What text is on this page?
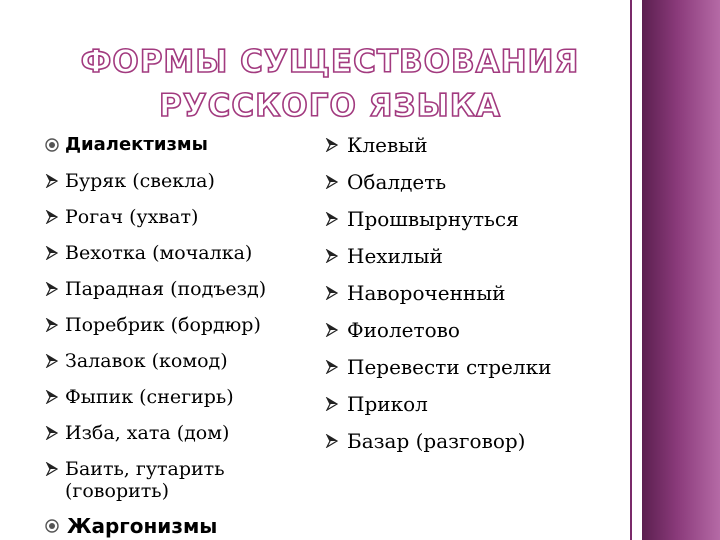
ФОРМЫ СУЩЕСТВОВАНИЯ
РУССКОГО ЯЗЫКА
Диалектизмы
Буряк (свекла)
Рогач (ухват)
Вехотка (мочалка)
Парадная (подъезд)
Поребрик (бордюр)
Залавок (комод)
Фыпик (снегирь)
Изба, хата (дом)
Баить, гутарить (говорить)
Жаргонизмы
Клевый
Обалдеть
Прошвырнуться
Нехилый
Навороченный
Фиолетово
Перевести стрелки
Прикол
Базар (разговор)
